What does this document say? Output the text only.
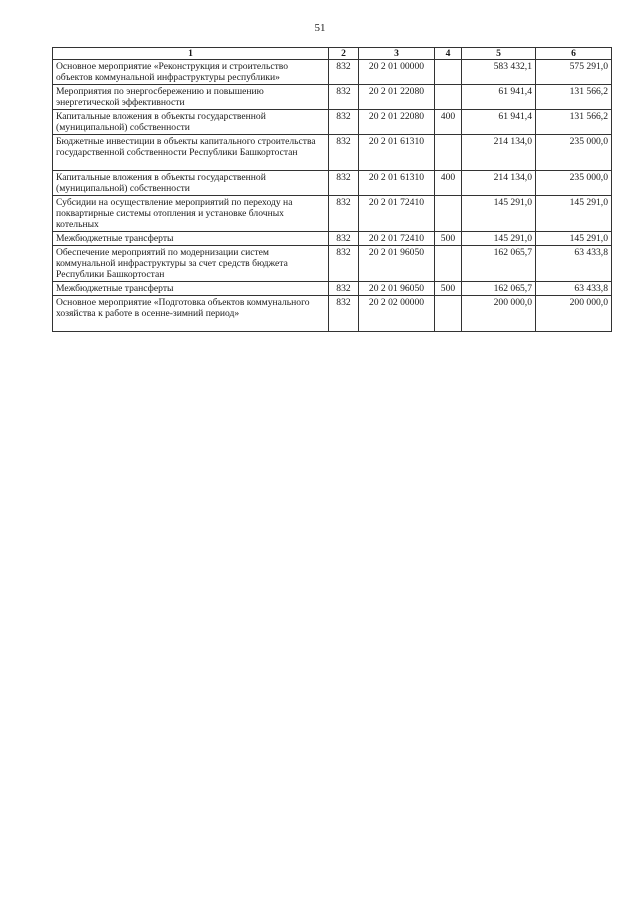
51
1	2	3	4	5	6
Основное мероприятие «Реконструкция и строительство объектов коммунальной инфраструктуры республики»	832	20 2 01 00000		583 432,1	575 291,0
Мероприятия по энергосбережению и повышению энергетической эффективности	832	20 2 01 22080		61 941,4	131 566,2
Капитальные вложения в объекты государственной (муниципальной) собственности	832	20 2 01 22080	400	61 941,4	131 566,2
Бюджетные инвестиции в объекты капитального строительства государственной собственности Республики Башкортостан	832	20 2 01 61310		214 134,0	235 000,0
Капитальные вложения в объекты государственной (муниципальной) собственности	832	20 2 01 61310	400	214 134,0	235 000,0
Субсидии на осуществление мероприятий по переходу на поквартирные системы отопления и установке блочных котельных	832	20 2 01 72410		145 291,0	145 291,0
Межбюджетные трансферты	832	20 2 01 72410	500	145 291,0	145 291,0
Обеспечение мероприятий по модернизации систем коммунальной инфраструктуры за счет средств бюджета Республики Башкортостан	832	20 2 01 96050		162 065,7	63 433,8
Межбюджетные трансферты	832	20 2 01 96050	500	162 065,7	63 433,8
Основное мероприятие «Подготовка объектов коммунального хозяйства к работе в осенне-зимний период»	832	20 2 02 00000		200 000,0	200 000,0
